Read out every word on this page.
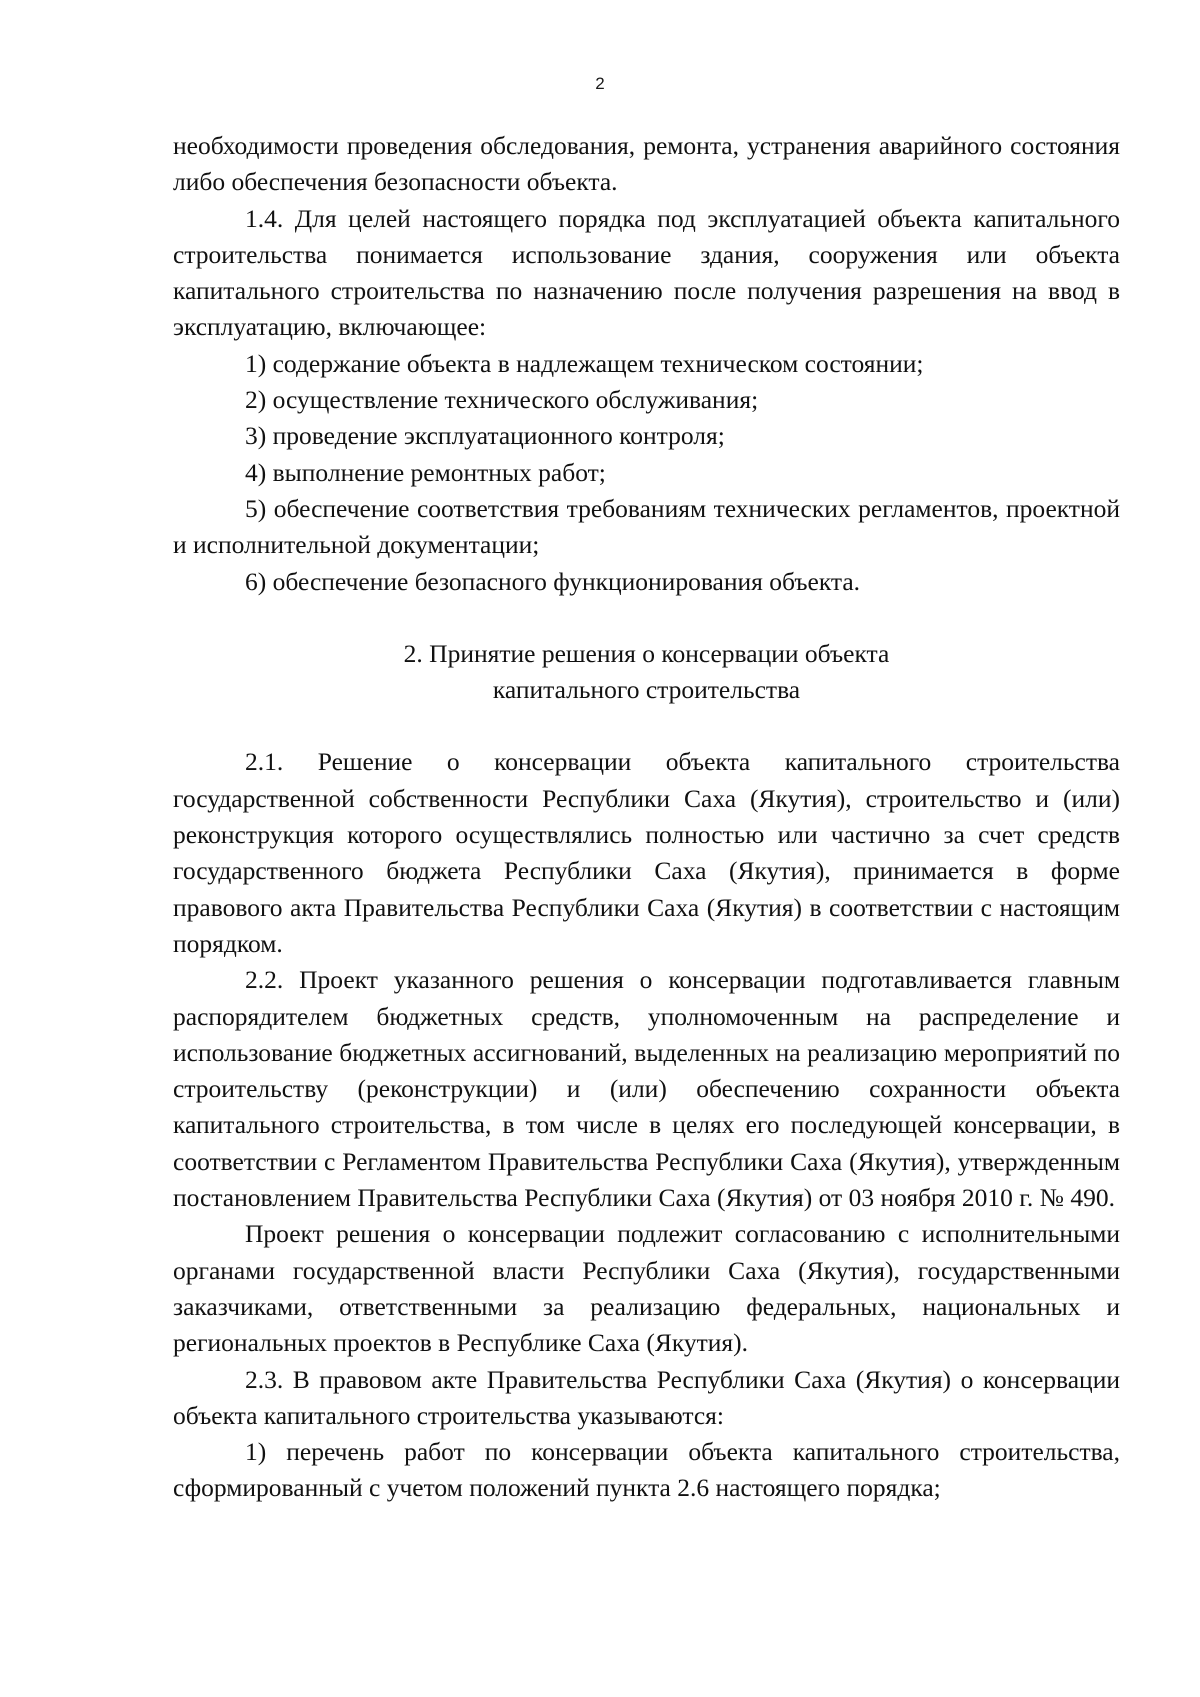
2

необходимости проведения обследования, ремонта, устранения аварийного состояния либо обеспечения безопасности объекта.

1.4. Для целей настоящего порядка под эксплуатацией объекта капитального строительства понимается использование здания, сооружения или объекта капитального строительства по назначению после получения разрешения на ввод в эксплуатацию, включающее:

1) содержание объекта в надлежащем техническом состоянии;

2) осуществление технического обслуживания;

3) проведение эксплуатационного контроля;

4) выполнение ремонтных работ;

5) обеспечение соответствия требованиям технических регламентов, проектной и исполнительной документации;

6) обеспечение безопасного функционирования объекта.

2. Принятие решения о консервации объекта

капитального строительства

2.1. Решение о консервации объекта капитального строительства государственной собственности Республики Саха (Якутия), строительство и (или) реконструкция которого осуществлялись полностью или частично за счет средств государственного бюджета Республики Саха (Якутия), принимается в форме правового акта Правительства Республики Саха (Якутия) в соответствии с настоящим порядком.

2.2. Проект указанного решения о консервации подготавливается главным распорядителем бюджетных средств, уполномоченным на распределение и использование бюджетных ассигнований, выделенных на реализацию мероприятий по строительству (реконструкции) и (или) обеспечению сохранности объекта капитального строительства, в том числе в целях его последующей консервации, в соответствии с Регламентом Правительства Республики Саха (Якутия), утвержденным постановлением Правительства Республики Саха (Якутия) от 03 ноября 2010 г. № 490.

Проект решения о консервации подлежит согласованию с исполнительными органами государственной власти Республики Саха (Якутия), государственными заказчиками, ответственными за реализацию федеральных, национальных и региональных проектов в Республике Саха (Якутия).

2.3. В правовом акте Правительства Республики Саха (Якутия) о консервации объекта капитального строительства указываются:

1) перечень работ по консервации объекта капитального строительства, сформированный с учетом положений пункта 2.6 настоящего порядка;
